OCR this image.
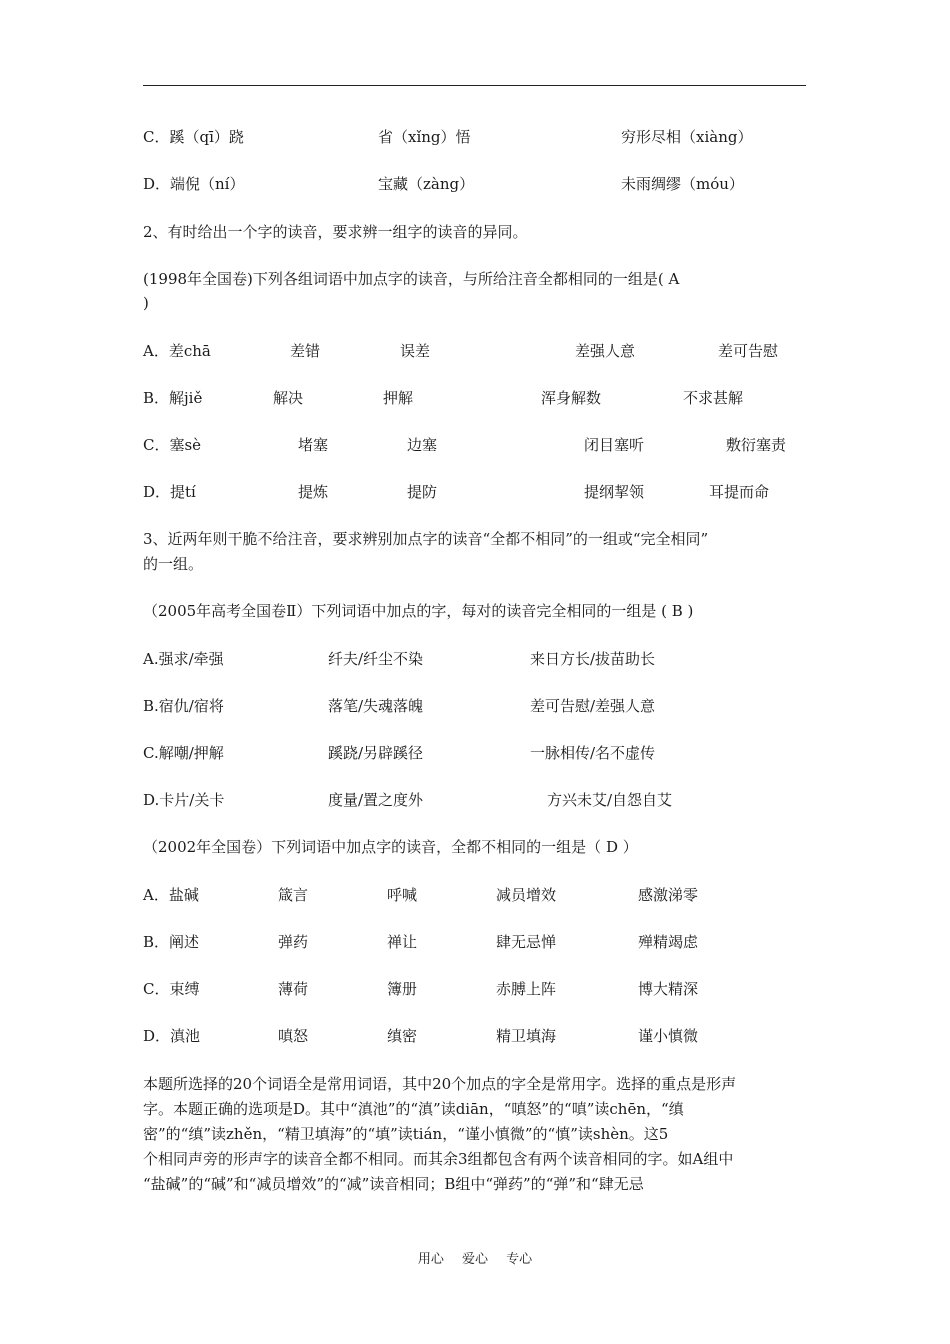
C．蹊（qī）跷	省（xǐng）悟	穷形尽相（xiàng）
D．端倪（ní）	宝藏（zàng）	未雨绸缪（móu）
2、有时给出一个字的读音，要求辨一组字的读音的异同。
(1998年全国卷)下列各组词语中加点字的读音，与所给注音全都相同的一组是( A
)
A．差chā	差错	误差	差强人意	差可告慰
B．解jiě	解决	押解	浑身解数	不求甚解
C．塞sè	堵塞	边塞	闭目塞听	敷衍塞责
D．提tí	提炼	提防	提纲挈领	耳提而命
3、近两年则干脆不给注音，要求辨别加点字的读音“全都不相同”的一组或“完全相同”
的一组。
（2005年高考全国卷Ⅱ）下列词语中加点的字，每对的读音完全相同的一组是 ( B )
A.强求/牵强	纤夫/纤尘不染	来日方长/拔苗助长
B.宿仇/宿将	落笔/失魂落魄	差可告慰/差强人意
C.解嘲/押解	蹊跷/另辟蹊径	一脉相传/名不虚传
D.卡片/关卡	度量/置之度外	方兴未艾/自怨自艾
（2002年全国卷）下列词语中加点字的读音，全都不相同的一组是（ D ）
A．盐碱	箴言	呼喊	减员增效	感激涕零
B．阐述	弹药	禅让	肆无忌惮	殚精竭虑
C．束缚	薄荷	簿册	赤膊上阵	博大精深
D．滇池	嗔怒	缜密	精卫填海	谨小慎微
本题所选择的20个词语全是常用词语，其中20个加点的字全是常用字。选择的重点是形声
字。本题正确的选项是D。其中“滇池”的“滇”读diān，“嗔怒”的“嗔”读chēn，“缜
密”的“缜”读zhěn，“精卫填海”的“填”读tián，“谨小慎微”的“慎”读shèn。这5
个相同声旁的形声字的读音全都不相同。而其余3组都包含有两个读音相同的字。如A组中
“盐碱”的“碱”和“减员增效”的“减”读音相同；B组中“弹药”的“弹”和“肆无忌
用心 爱心 专心
